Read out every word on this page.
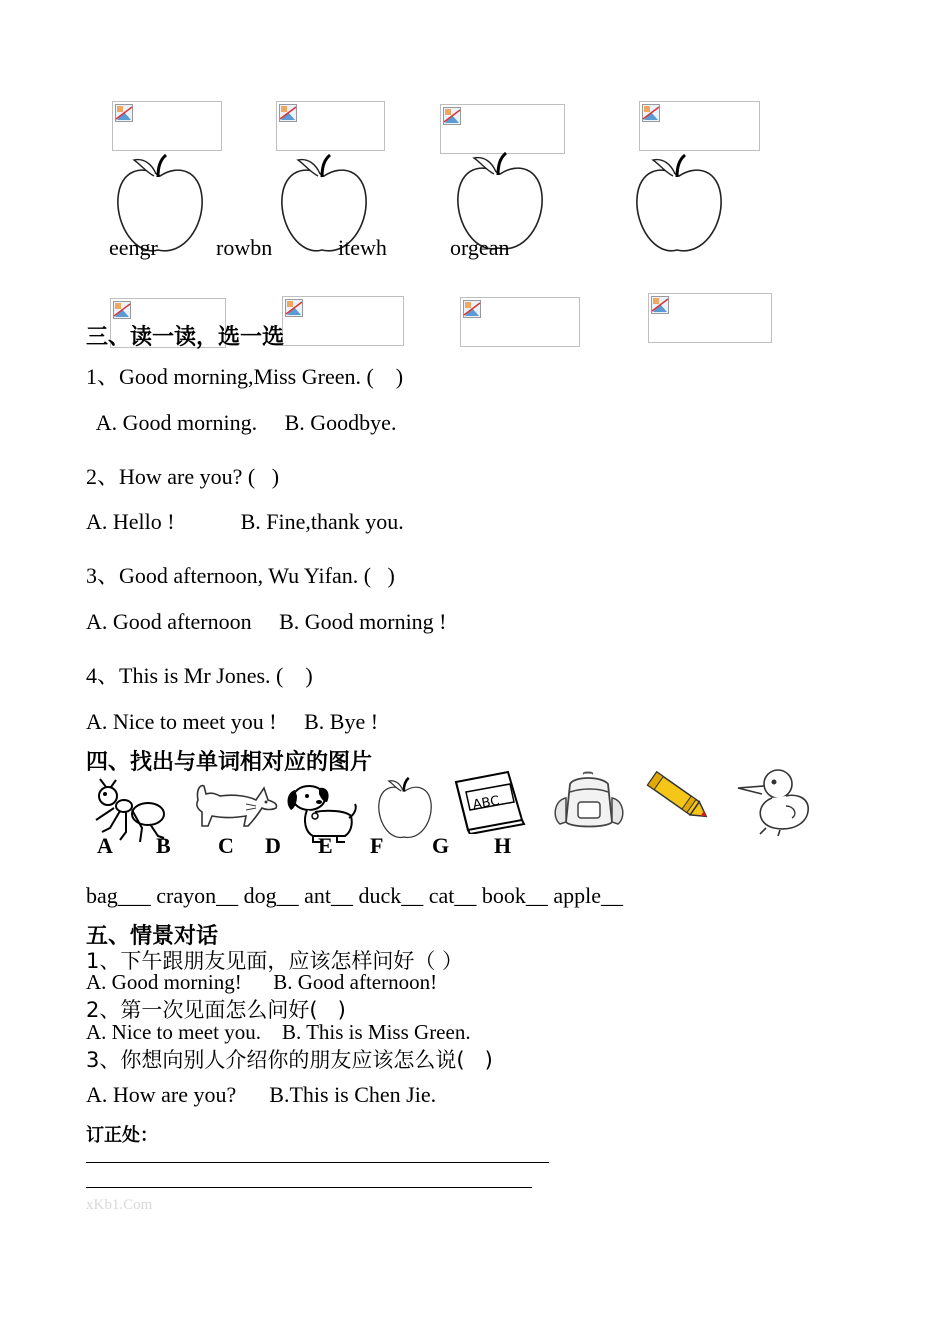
eengr	rowbn	itewh	orgean
三、读一读，选一选
1、Good morning,Miss Green. (    )
A. Good morning.     B. Goodbye.
2、How are you? (   )
A. Hello !            B. Fine,thank you.
3、Good afternoon, Wu Yifan. (   )
A. Good afternoon     B. Good morning !
4、This is Mr Jones. (    )
A. Nice to meet you !     B. Bye !
四、找出与单词相对应的图片
ABC
A B C D E F G H
bag___ crayon__ dog__ ant__ duck__ cat__ book__ apple__
五、情景对话
1、下午跟朋友见面，应该怎样问好（ ）
A. Good morning!      B. Good afternoon!
2、第一次见面怎么问好(   )
A. Nice to meet you.    B. This is Miss Green.
3、你想向别人介绍你的朋友应该怎么说(   )
A. How are you?      B.This is Chen Jie.
订正处：
xKb1.Com
